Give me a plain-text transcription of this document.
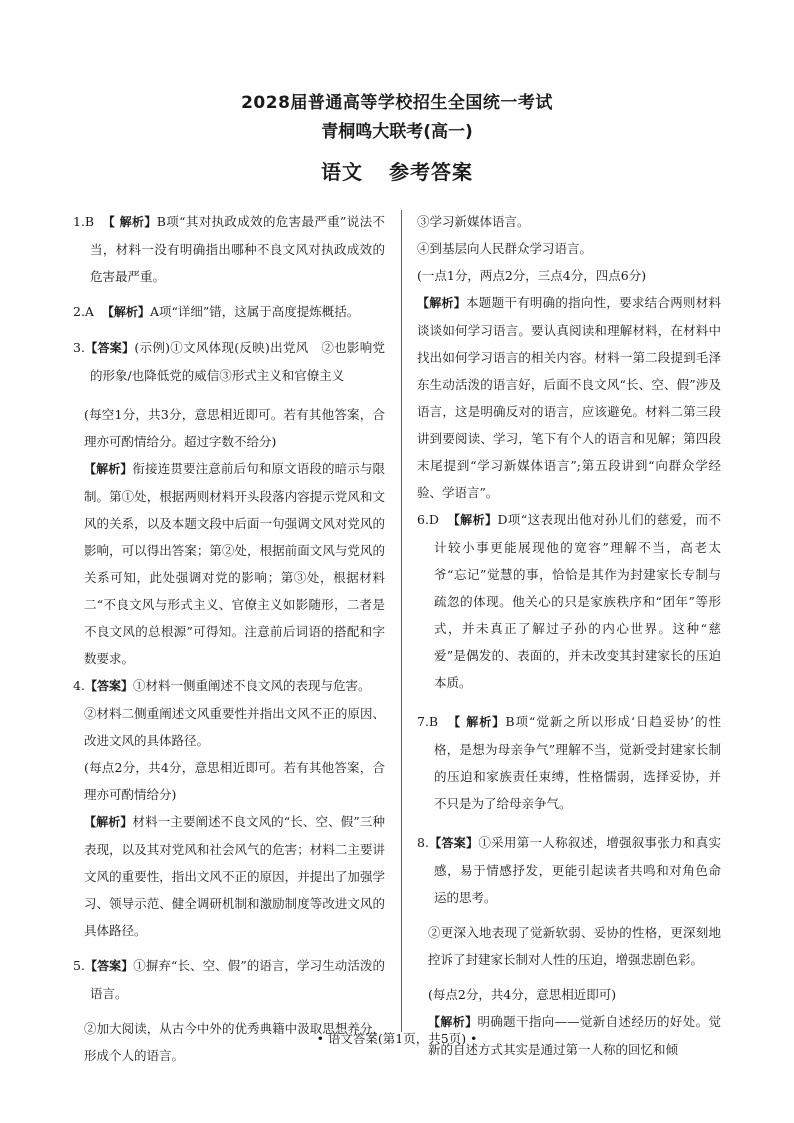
2028届普通高等学校招生全国统一考试
青桐鸣大联考(高一)
语文 参考答案
1.B 【 解析】B项“其对执政成效的危害最严重”说法不当，材料一没有明确指出哪种不良文风对执政成效的危害最严重。
2.A 【解析】A项“详细”错，这属于高度提炼概括。

3.【答案】(示例)①文风体现(反映)出党风　②也影响党的形象/也降低党的威信③形式主义和官僚主义

(每空1分，共3分，意思相近即可。若有其他答案，合理亦可酌情给分。超过字数不给分)

【解析】衔接连贯要注意前后句和原文语段的暗示与限制。第①处，根据两则材料开头段落内容提示党风和文风的关系，以及本题文段中后面一句强调文风对党风的影响，可以得出答案；第②处，根据前面文风与党风的关系可知，此处强调对党的影响；第③处，根据材料二“不良文风与形式主义、官僚主义如影随形，二者是不良文风的总根源”可得知。注意前后词语的搭配和字数要求。

4.【答案】①材料一侧重阐述不良文风的表现与危害。

②材料二侧重阐述文风重要性并指出文风不正的原因、改进文风的具体路径。

(每点2分，共4分，意思相近即可。若有其他答案，合理亦可酌情给分)

【解析】材料一主要阐述不良文风的“长、空、假”三种表现，以及其对党风和社会风气的危害；材料二主要讲文风的重要性，指出文风不正的原因，并提出了加强学习、领导示范、健全调研机制和激励制度等改进文风的具体路径。

5.【答案】①摒弃“长、空、假”的语言，学习生动活泼的语言。

②加大阅读，从古今中外的优秀典籍中汲取思想养分，形成个人的语言。

③学习新媒体语言。

④到基层向人民群众学习语言。

(一点1分，两点2分，三点4分，四点6分)

【解析】本题题干有明确的指向性，要求结合两则材料谈谈如何学习语言。要认真阅读和理解材料，在材料中找出如何学习语言的相关内容。材料一第二段提到毛泽东生动活泼的语言好，后面不良文风“长、空、假”涉及语言，这是明确反对的语言，应该避免。材料二第三段讲到要阅读、学习，笔下有个人的语言和见解；第四段末尾提到“学习新媒体语言”;第五段讲到“向群众学经验、学语言”。

6.D 【解析】D项“这表现出他对孙儿们的慈爱，而不计较小事更能展现他的宽容”理解不当，高老太爷“忘记”觉慧的事，恰恰是其作为封建家长专制与疏忽的体现。他关心的只是家族秩序和“团年”等形式，并未真正了解过子孙的内心世界。这种“慈爱”是偶发的、表面的，并未改变其封建家长的压迫本质。
7.B 【 解析】B项“觉新之所以形成‘日趋妥协’的性格，是想为母亲争气”理解不当，觉新受封建家长制的压迫和家族责任束缚，性格懦弱，选择妥协，并不只是为了给母亲争气。

8.【答案】①采用第一人称叙述，增强叙事张力和真实感，易于情感抒发，更能引起读者共鸣和对角色命运的思考。

②更深入地表现了觉新软弱、妥协的性格，更深刻地控诉了封建家长制对人性的压迫，增强悲剧色彩。

(每点2分，共4分，意思相近即可)

【解析】明确题干指向——觉新自述经历的好处。觉新的自述方式其实是通过第一人称的回忆和倾

• 语文答案(第1页，共5页) •
